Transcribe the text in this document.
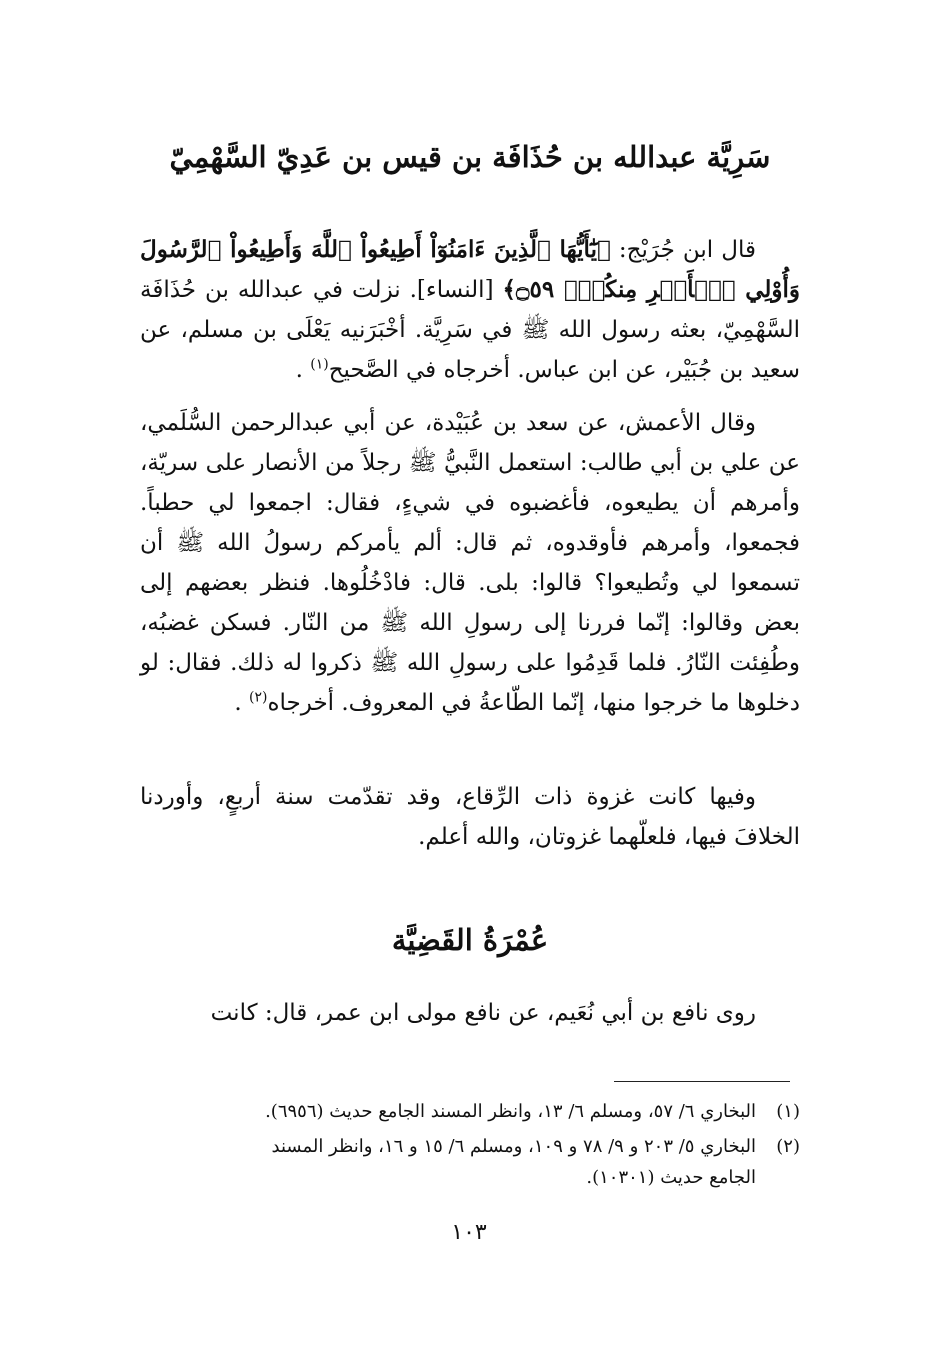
سَرِيَّة عبدالله بن حُذَافَة بن قيس بن عَدِيّ السَّهْمِيّ
قال ابن جُرَيْج: ﴿يَٰٓأَيُّهَا ٱلَّذِينَ ءَامَنُوٓاْ أَطِيعُواْ ٱللَّهَ وَأَطِيعُواْ ٱلرَّسُولَ وَأُوْلِي ٱلۡأَمۡرِ مِنكُمۡۖ ۝٥٩﴾ [النساء]. نزلت في عبدالله بن حُذَافَة السَّهْمِيّ، بعثه رسول الله ﷺ في سَرِيَّة. أخْبَرَنيه يَعْلَى بن مسلم، عن سعيد بن جُبَيْر، عن ابن عباس. أخرجاه في الصَّحيح$^{(١)}$ .
وقال الأعمش، عن سعد بن عُبَيْدة، عن أبي عبدالرحمن السُّلَمي، عن علي بن أبي طالب: استعمل النَّبيُّ ﷺ رجلاً من الأنصار على سريّة، وأمرهم أن يطيعوه، فأغضبوه في شيءٍ، فقال: اجمعوا لي حطباً. فجمعوا، وأمرهم فأوقدوه، ثم قال: ألم يأمركم رسولُ الله ﷺ أن تسمعوا لي وتُطيعوا؟ قالوا: بلى. قال: فادْخُلُوها. فنظر بعضهم إلى بعض وقالوا: إنّما فررنا إلى رسولِ الله ﷺ من النّار. فسكن غضبُه، وطُفِئت النّارُ. فلما قَدِمُوا على رسولِ الله ﷺ ذكروا له ذلك. فقال: لو دخلوها ما خرجوا منها، إنّما الطّاعةُ في المعروف. أخرجاه$^{(٢)}$ .
وفيها كانت غزوة ذات الرِّقاع، وقد تقدّمت سنة أربعٍ، وأوردنا الخلافَ فيها، فلعلّهما غزوتان، والله أعلم.
عُمْرَةُ القَضِيَّة
روى نافع بن أبي نُعَيم، عن نافع مولى ابن عمر، قال: كانت
(١)البخاري ٦/ ٥٧، ومسلم ٦/ ١٣، وانظر المسند الجامع حديث (٦٩٥٦).
(٢)البخاري ٥/ ٢٠٣ و ٩/ ٧٨ و ١٠٩، ومسلم ٦/ ١٥ و ١٦، وانظر المسند
الجامع حديث (١٠٣٠١).
١٠٣
